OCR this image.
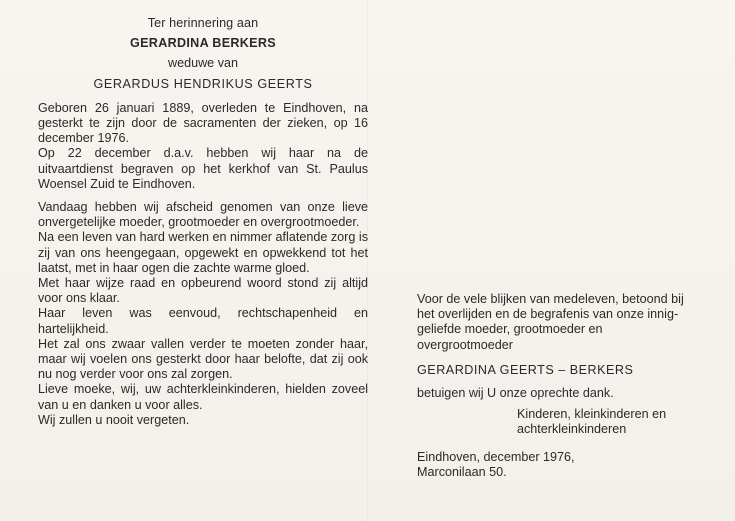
Ter herinnering aan
GERARDINA BERKERS
weduwe van
GERARDUS HENDRIKUS GEERTS

Geboren 26 januari 1889, overleden te Eindhoven, na gesterkt te zijn door de sacramenten der zieken, op 16 december 1976.

Op 22 december d.a.v. hebben wij haar na de uitvaartdienst begraven op het kerkhof van St. Paulus Woensel Zuid te Eindhoven.

Vandaag hebben wij afscheid genomen van onze lieve onvergetelijke moeder, grootmoeder en overgrootmoeder.

Na een leven van hard werken en nimmer aflatende zorg is zij van ons heengegaan, opgewekt en opwekkend tot het laatst, met in haar ogen die zachte warme gloed.

Met haar wijze raad en opbeurend woord stond zij altijd voor ons klaar.

Haar leven was eenvoud, rechtschapenheid en hartelijkheid.

Het zal ons zwaar vallen verder te moeten zonder haar, maar wij voelen ons gesterkt door haar belofte, dat zij ook nu nog verder voor ons zal zorgen.

Lieve moeke, wij, uw achterkleinkinderen, hielden zoveel van u en danken u voor alles.

Wij zullen u nooit vergeten.

Voor de vele blijken van medeleven, betoond bij het overlijden en de begrafenis van onze innig-geliefde moeder, grootmoeder en overgrootmoeder

GERARDINA GEERTS – BERKERS
betuigen wij U onze oprechte dank.
Kinderen, kleinkinderen en achterkleinkinderen
Eindhoven, december 1976,
Marconilaan 50.
